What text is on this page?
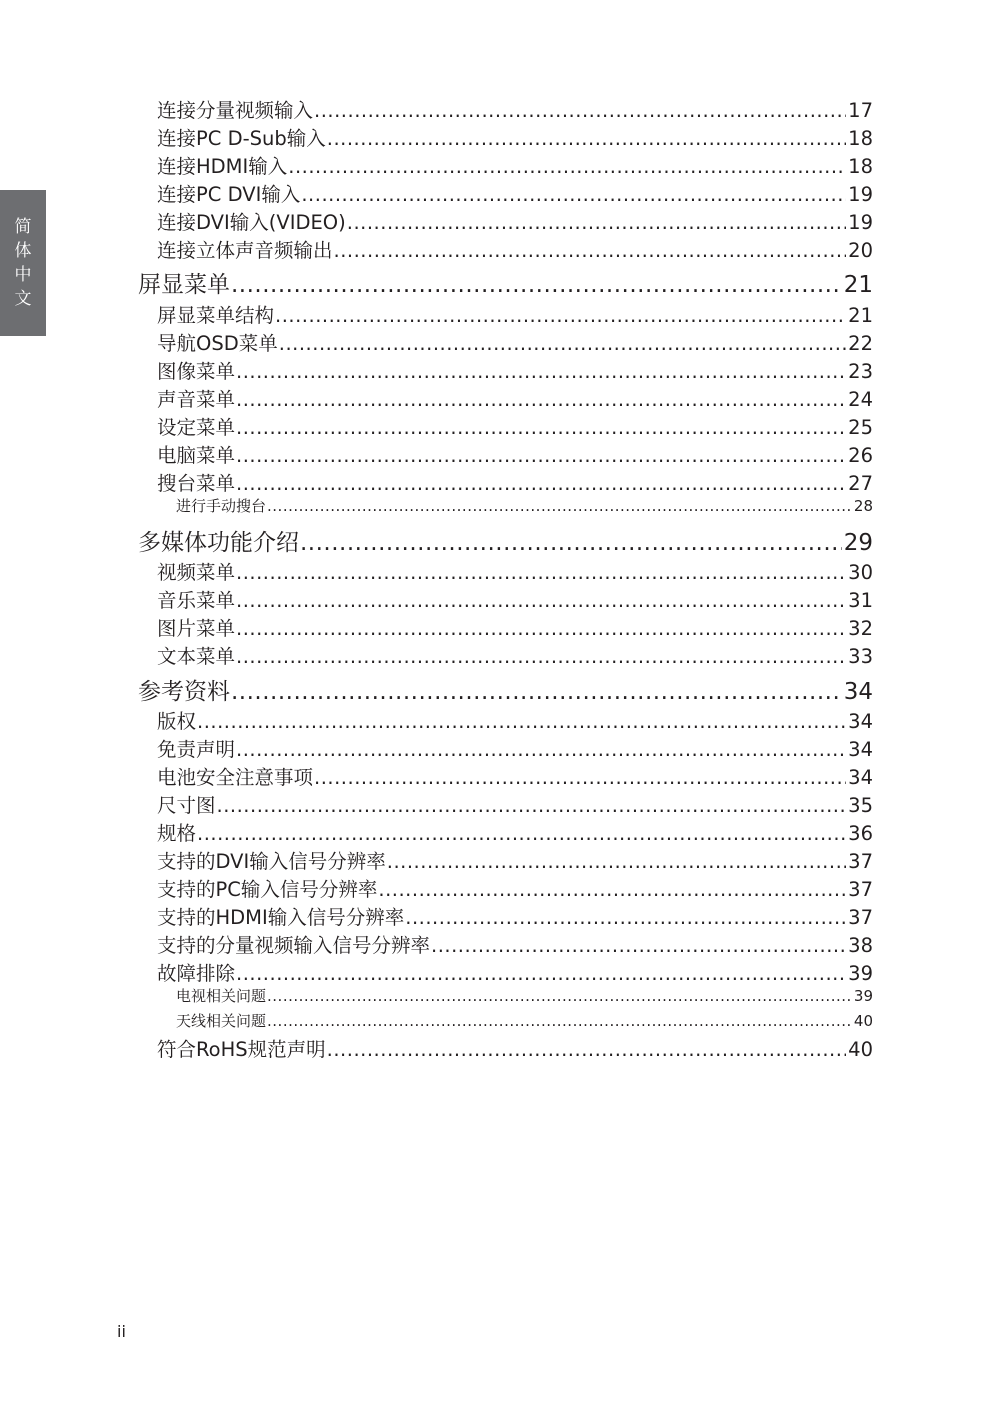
简
体
中
文
连接分量视频输入 .....	17
连接PC D-Sub输入 .....	18
连接HDMI输入 .....	18
连接PC DVI输入 .....	19
连接DVI输入(VIDEO) .....	19
连接立体声音频输出 .....	20
屏显菜单 .....	21
屏显菜单结构 .....	21
导航OSD菜单 .....	22
图像菜单 .....	23
声音菜单 .....	24
设定菜单 .....	25
电脑菜单 .....	26
搜台菜单 .....	27
进行手动搜台 .....	28
多媒体功能介绍 .....	29
视频菜单 .....	30
音乐菜单 .....	31
图片菜单 .....	32
文本菜单 .....	33
参考资料 .....	34
版权 .....	34
免责声明 .....	34
电池安全注意事项 .....	34
尺寸图 .....	35
规格 .....	36
支持的DVI输入信号分辨率 .....	37
支持的PC输入信号分辨率 .....	37
支持的HDMI输入信号分辨率 .....	37
支持的分量视频输入信号分辨率 .....	38
故障排除 .....	39
电视相关问题 .....	39
天线相关问题 .....	40
符合RoHS规范声明 .....	40
ii
